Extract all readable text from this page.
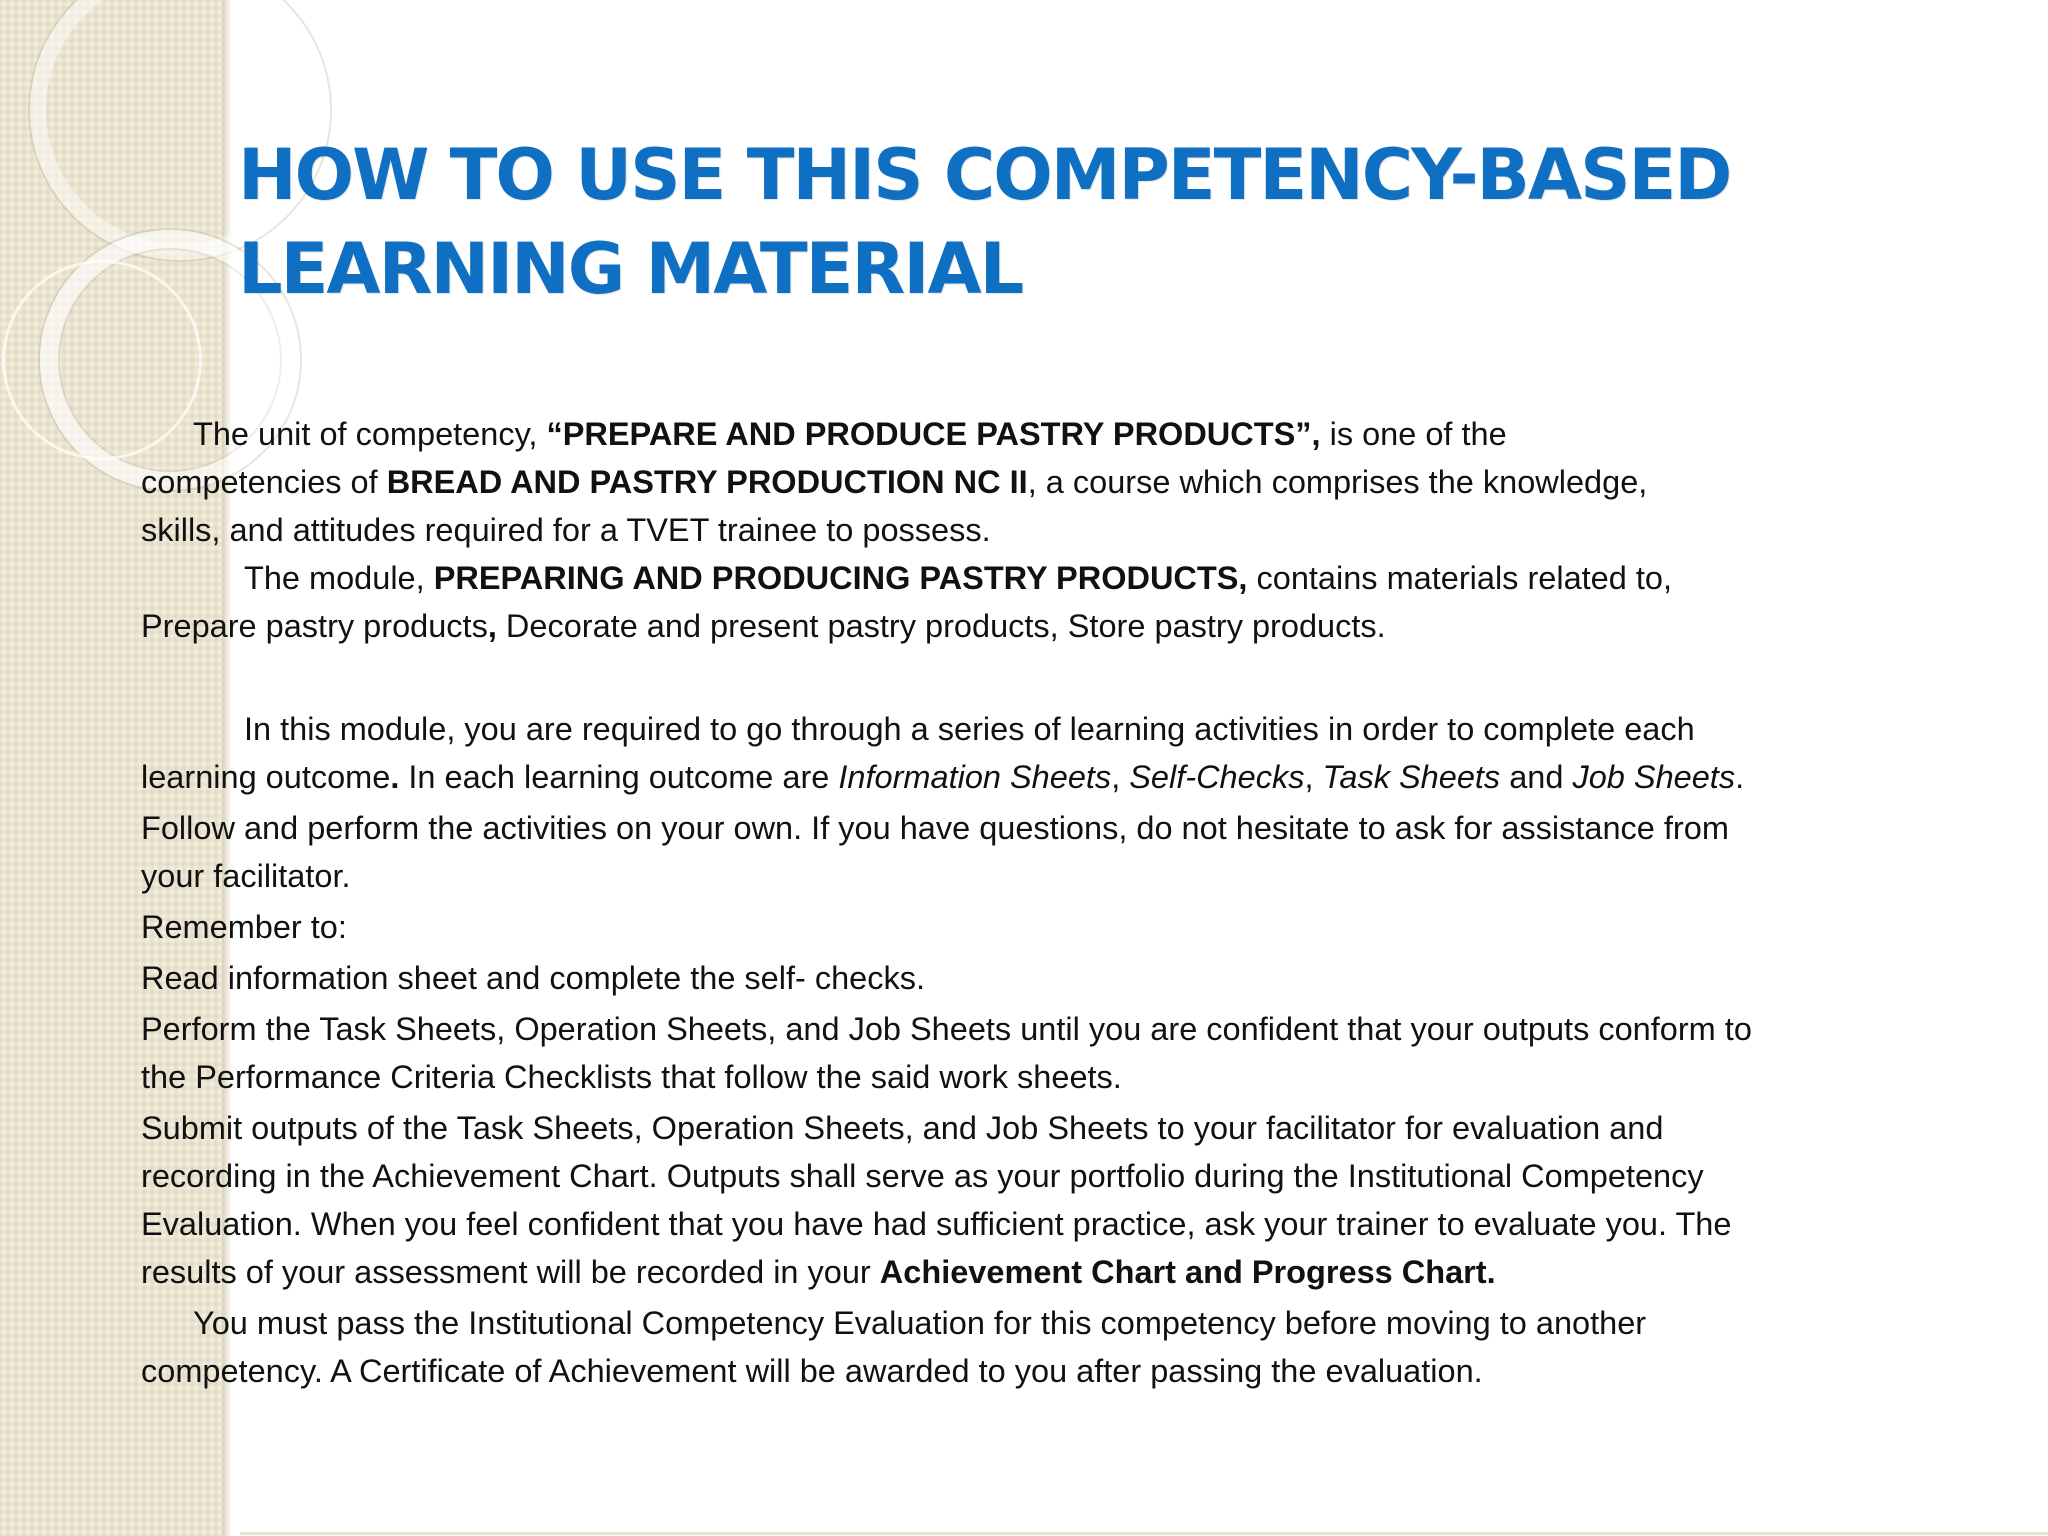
HOW TO USE THIS COMPETENCY-BASED
LEARNING MATERIAL

The unit of competency, “PREPARE AND PRODUCE PASTRY PRODUCTS”, is one of the

competencies of BREAD AND PASTRY PRODUCTION NC II, a course which comprises the knowledge,

skills, and attitudes required for a TVET trainee to possess.

The module, PREPARING AND PRODUCING PASTRY PRODUCTS, contains materials related to,

Prepare pastry products, Decorate and present pastry products, Store pastry products.

In this module, you are required to go through a series of learning activities in order to complete each

learning outcome. In each learning outcome are Information Sheets, Self-Checks, Task Sheets and Job Sheets.

Follow and perform the activities on your own. If you have questions, do not hesitate to ask for assistance from

your facilitator.

Remember to:

Read information sheet and complete the self- checks.

Perform the Task Sheets, Operation Sheets, and Job Sheets until you are confident that your outputs conform to

the Performance Criteria Checklists that follow the said work sheets.

Submit outputs of the Task Sheets, Operation Sheets, and Job Sheets to your facilitator for evaluation and

recording in the Achievement Chart. Outputs shall serve as your portfolio during the Institutional Competency

Evaluation. When you feel confident that you have had sufficient practice, ask your trainer to evaluate you. The

results of your assessment will be recorded in your Achievement Chart and Progress Chart.

You must pass the Institutional Competency Evaluation for this competency before moving to another

competency. A Certificate of Achievement will be awarded to you after passing the evaluation.
